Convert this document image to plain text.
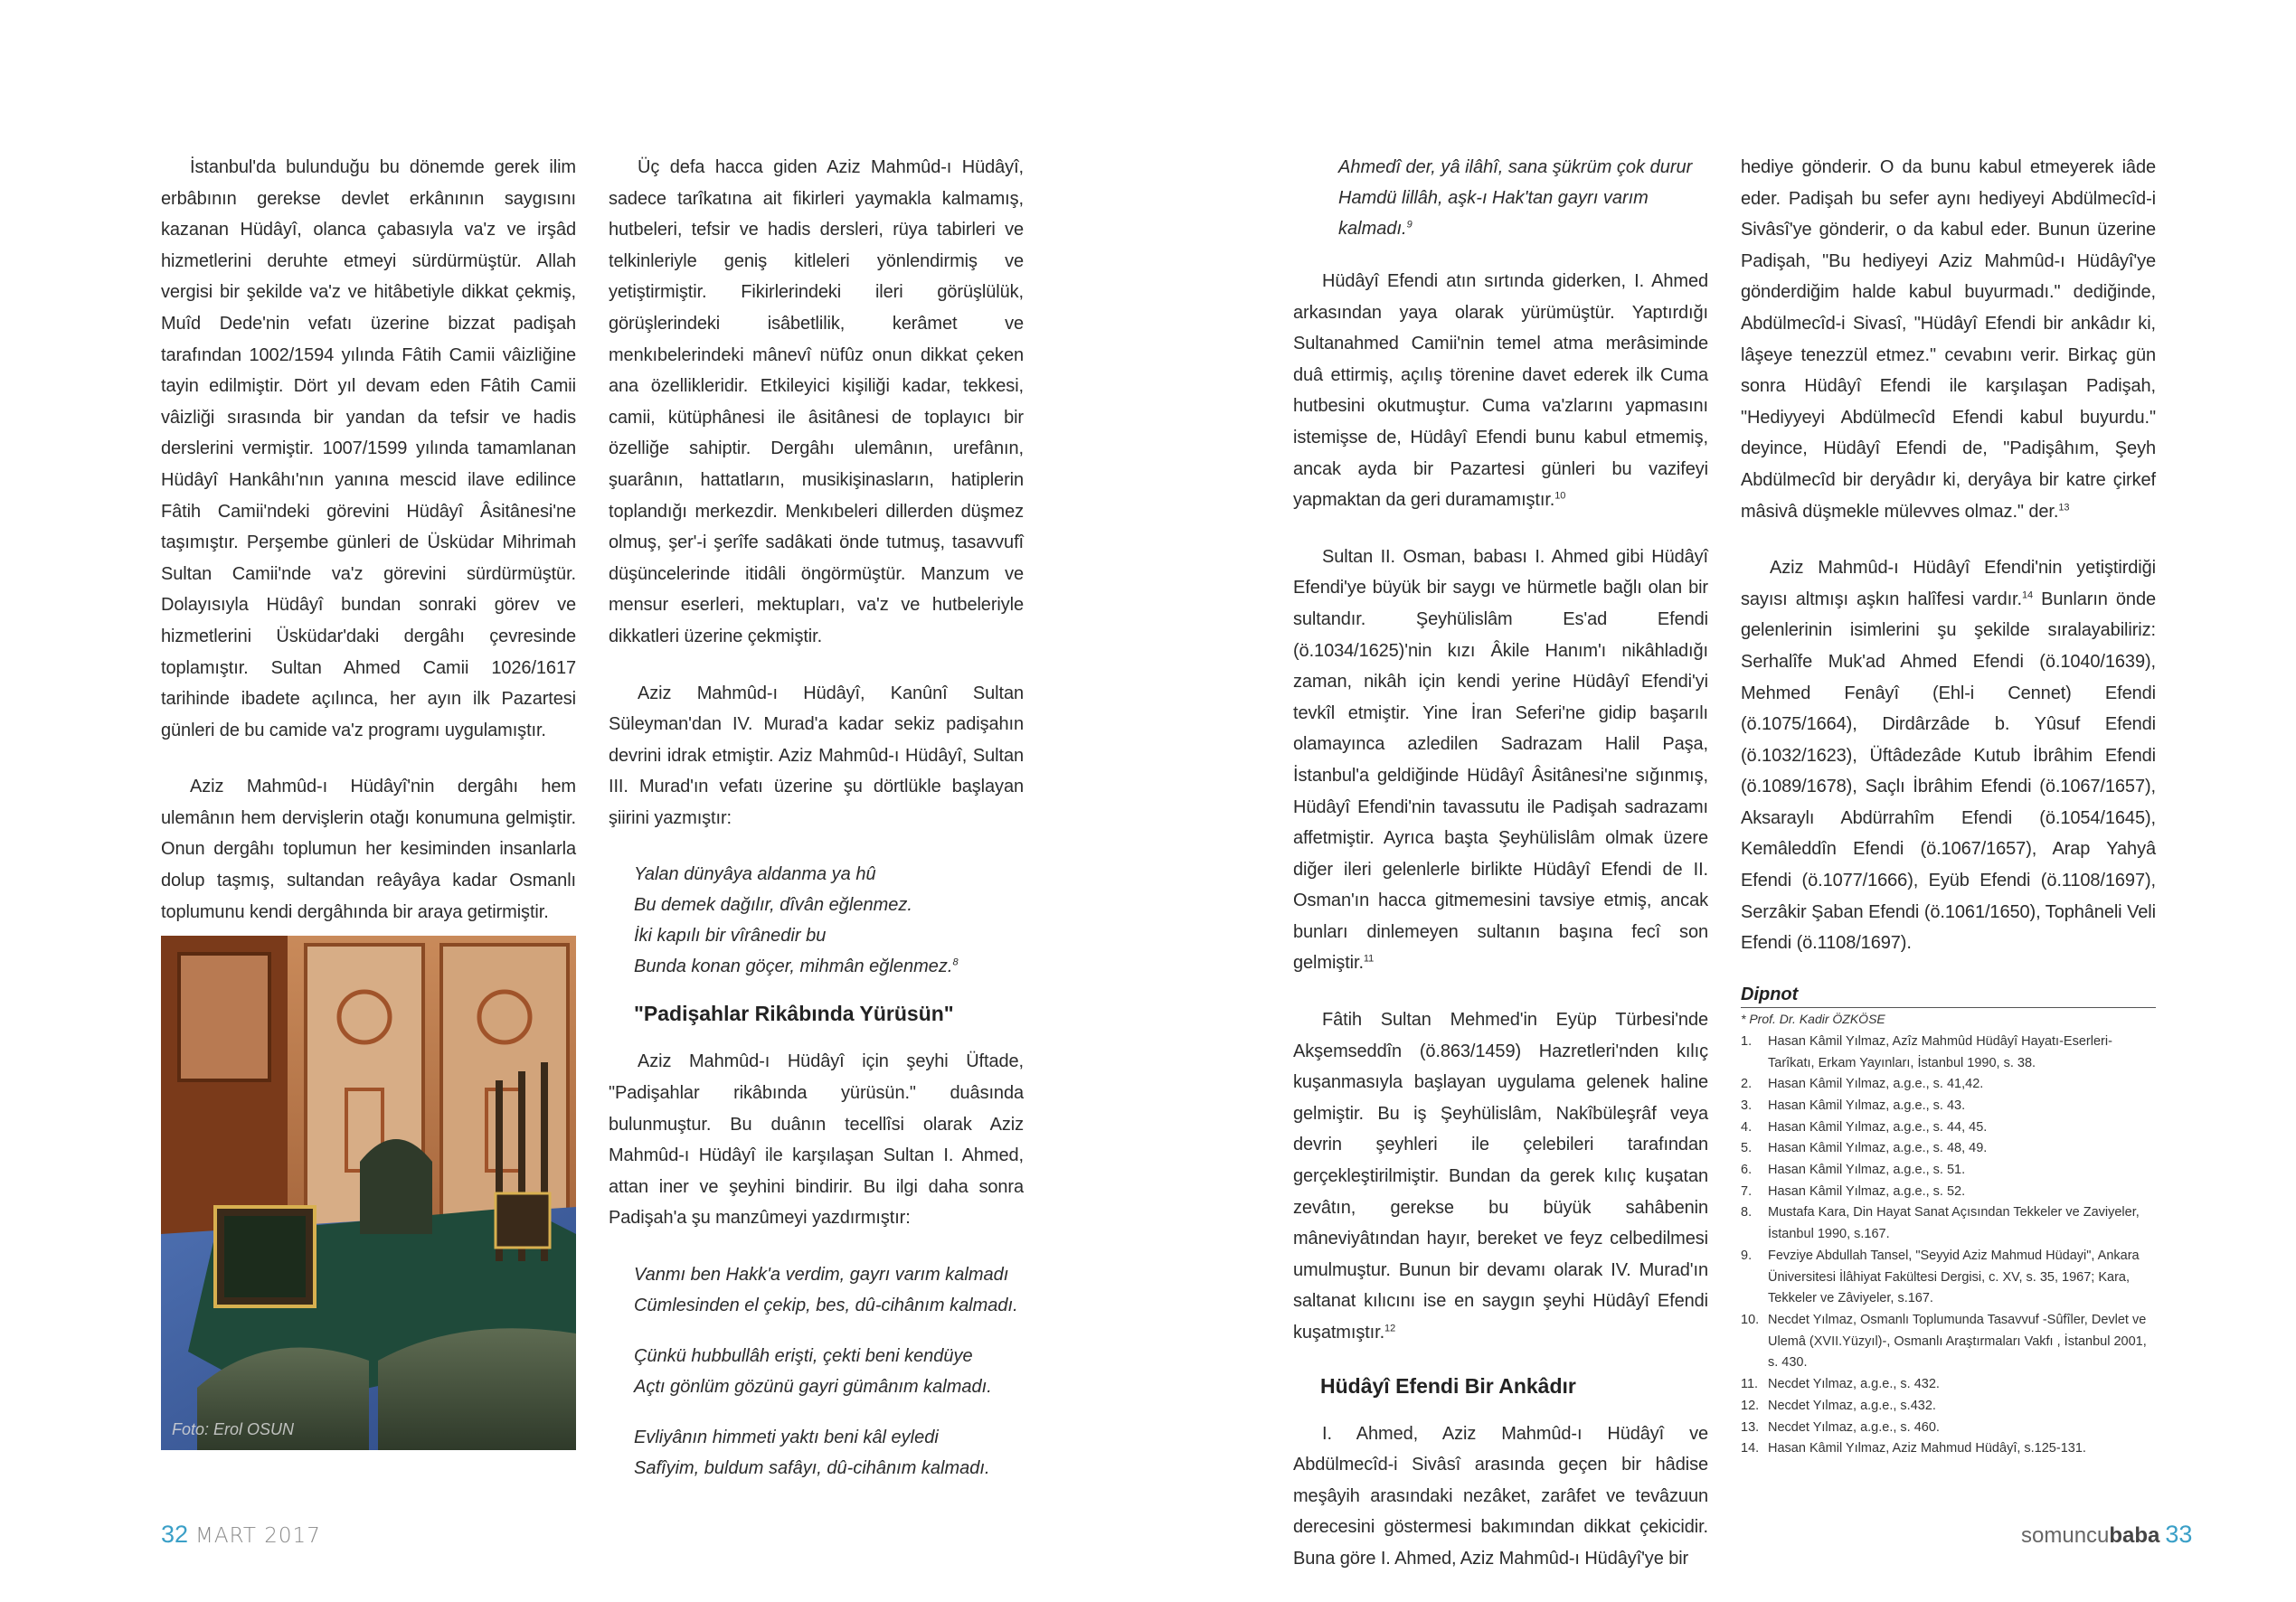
İstanbul'da bulunduğu bu dönemde gerek ilim erbâbının gerekse devlet erkânının saygısını kazanan Hüdâyî, olanca çabasıyla va'z ve irşâd hizmetlerini deruhte etmeyi sürdürmüştür. Allah vergisi bir şekilde va'z ve hitâbetiyle dikkat çekmiş, Muîd Dede'nin vefatı üzerine bizzat padişah tarafından 1002/1594 yılında Fâtih Camii vâizliğine tayin edilmiştir. Dört yıl devam eden Fâtih Camii vâizliği sırasında bir yandan da tefsir ve hadis derslerini vermiştir. 1007/1599 yılında tamamlanan Hüdâyî Hankâhı'nın yanına mescid ilave edilince Fâtih Camii'ndeki görevini Hüdâyî Âsitânesi'ne taşımıştır. Perşembe günleri de Üsküdar Mihrimah Sultan Camii'nde va'z görevini sürdürmüştür. Dolayısıyla Hüdâyî bundan sonraki görev ve hizmetlerini Üsküdar'daki dergâhı çevresinde toplamıştır. Sultan Ahmed Camii 1026/1617 tarihinde ibadete açılınca, her ayın ilk Pazartesi günleri de bu camide va'z programı uygulamıştır.

Aziz Mahmûd-ı Hüdâyî'nin dergâhı hem ulemânın hem dervişlerin otağı konumuna gelmiştir. Onun dergâhı toplumun her kesiminden insanlarla dolup taşmış, sultandan reâyâya kadar Osmanlı toplumunu kendi dergâhında bir araya getirmiştir.

Foto: Erol OSUN

Üç defa hacca giden Aziz Mahmûd-ı Hüdâyî, sadece tarîkatına ait fikirleri yaymakla kalmamış, hutbeleri, tefsir ve hadis dersleri, rüya tabirleri ve telkinleriyle geniş kitleleri yönlendirmiş ve yetiştirmiştir. Fikirlerindeki ileri görüşlülük, görüşlerindeki isâbetlilik, kerâmet ve menkıbelerindeki mânevî nüfûz onun dikkat çeken ana özellikleridir. Etkileyici kişiliği kadar, tekkesi, camii, kütüphânesi ile âsitânesi de toplayıcı bir özelliğe sahiptir. Dergâhı ulemânın, urefânın, şuarânın, hattatların, musikişinasların, hatiplerin toplandığı merkezdir. Menkıbeleri dillerden düşmez olmuş, şer'-i şerîfe sadâkati önde tutmuş, tasavvufî düşüncelerinde itidâli öngörmüştür. Manzum ve mensur eserleri, mektupları, va'z ve hutbeleriyle dikkatleri üzerine çekmiştir.

Aziz Mahmûd-ı Hüdâyî, Kanûnî Sultan Süleyman'dan IV. Murad'a kadar sekiz padişahın devrini idrak etmiştir. Aziz Mahmûd-ı Hüdâyî, Sultan III. Murad'ın vefatı üzerine şu dörtlükle başlayan şiirini yazmıştır:

Yalan dünyâya aldanma ya hû
Bu demek dağılır, dîvân eğlenmez.
İki kapılı bir vîrânedir bu
Bunda konan göçer, mihmân eğlenmez.$^8$
"Padişahlar Rikâbında Yürüsün"

Aziz Mahmûd-ı Hüdâyî için şeyhi Üftade, "Padişahlar rikâbında yürüsün." duâsında bulunmuştur. Bu duânın tecellîsi olarak Aziz Mahmûd-ı Hüdâyî ile karşılaşan Sultan I. Ahmed, attan iner ve şeyhini bindirir. Bu ilgi daha sonra Padişah'a şu manzûmeyi yazdırmıştır:

Vanmı ben Hakk'a verdim, gayrı varım kalmadı
Cümlesinden el çekip, bes, dû-cihânım kalmadı.
Çünkü hubbullâh erişti, çekti beni kendüye
Açtı gönlüm gözünü gayri gümânım kalmadı.
Evliyânın himmeti yaktı beni kâl eyledi
Safîyim, buldum safâyı, dû-cihânım kalmadı.
Ahmedî der, yâ ilâhî, sana şükrüm çok durur
Hamdü lillâh, aşk-ı Hak'tan gayrı varım kalmadı.$^9$

Hüdâyî Efendi atın sırtında giderken, I. Ahmed arkasından yaya olarak yürümüştür. Yaptırdığı Sultanahmed Camii'nin temel atma merâsiminde duâ ettirmiş, açılış törenine davet ederek ilk Cuma hutbesini okutmuştur. Cuma va'zlarını yapmasını istemişse de, Hüdâyî Efendi bunu kabul etmemiş, ancak ayda bir Pazartesi günleri bu vazifeyi yapmaktan da geri duramamıştır.$^{10}$

Sultan II. Osman, babası I. Ahmed gibi Hüdâyî Efendi'ye büyük bir saygı ve hürmetle bağlı olan bir sultandır. Şeyhülislâm Es'ad Efendi (ö.1034/1625)'nin kızı Âkile Hanım'ı nikâhladığı zaman, nikâh için kendi yerine Hüdâyî Efendi'yi tevkîl etmiştir. Yine İran Seferi'ne gidip başarılı olamayınca azledilen Sadrazam Halil Paşa, İstanbul'a geldiğinde Hüdâyî Âsitânesi'ne sığınmış, Hüdâyî Efendi'nin tavassutu ile Padişah sadrazamı affetmiştir. Ayrıca başta Şeyhülislâm olmak üzere diğer ileri gelenlerle birlikte Hüdâyî Efendi de II. Osman'ın hacca gitmemesini tavsiye etmiş, ancak bunları dinlemeyen sultanın başına fecî son gelmiştir.$^{11}$

Fâtih Sultan Mehmed'in Eyüp Türbesi'nde Akşemseddîn (ö.863/1459) Hazretleri'nden kılıç kuşanmasıyla başlayan uygulama gelenek haline gelmiştir. Bu iş Şeyhülislâm, Nakîbüleşrâf veya devrin şeyhleri ile çelebileri tarafından gerçekleştirilmiştir. Bundan da gerek kılıç kuşatan zevâtın, gerekse bu büyük sahâbenin mâneviyâtından hayır, bereket ve feyz celbedilmesi umulmuştur. Bunun bir devamı olarak IV. Murad'ın saltanat kılıcını ise en saygın şeyhi Hüdâyî Efendi kuşatmıştır.$^{12}$

Hüdâyî Efendi Bir Ankâdır

I. Ahmed, Aziz Mahmûd-ı Hüdâyî ve Abdülmecîd-i Sivâsî arasında geçen bir hâdise meşâyih arasındaki nezâket, zarâfet ve tevâzuun derecesini göstermesi bakımından dikkat çekicidir. Buna göre I. Ahmed, Aziz Mahmûd-ı Hüdâyî'ye bir

hediye gönderir. O da bunu kabul etmeyerek iâde eder. Padişah bu sefer aynı hediyeyi Abdülmecîd-i Sivâsî'ye gönderir, o da kabul eder. Bunun üzerine Padişah, "Bu hediyeyi Aziz Mahmûd-ı Hüdâyî'ye gönderdiğim halde kabul buyurmadı." dediğinde, Abdülmecîd-i Sivasî, "Hüdâyî Efendi bir ankâdır ki, lâşeye tenezzül etmez." cevabını verir. Birkaç gün sonra Hüdâyî Efendi ile karşılaşan Padişah, "Hediyyeyi Abdülmecîd Efendi kabul buyurdu." deyince, Hüdâyî Efendi de, "Padişâhım, Şeyh Abdülmecîd bir deryâdır ki, deryâya bir katre çirkef mâsivâ düşmekle mülevves olmaz." der.$^{13}$

Aziz Mahmûd-ı Hüdâyî Efendi'nin yetiştirdiği sayısı altmışı aşkın halîfesi vardır.$^{14}$ Bunların önde gelenlerinin isimlerini şu şekilde sıralayabiliriz: Serhalîfe Muk'ad Ahmed Efendi (ö.1040/1639), Mehmed Fenâyî (Ehl-i Cennet) Efendi (ö.1075/1664), Dirdârzâde b. Yûsuf Efendi (ö.1032/1623), Üftâdezâde Kutub İbrâhim Efendi (ö.1089/1678), Saçlı İbrâhim Efendi (ö.1067/1657), Aksaraylı Abdürrahîm Efendi (ö.1054/1645), Kemâleddîn Efendi (ö.1067/1657), Arap Yahyâ Efendi (ö.1077/1666), Eyüb Efendi (ö.1108/1697), Serzâkir Şaban Efendi (ö.1061/1650), Tophâneli Veli Efendi (ö.1108/1697).

Dipnot
* Prof. Dr. Kadir ÖZKÖSE
1. Hasan Kâmil Yılmaz, Azîz Mahmûd Hüdâyî Hayatı-Eserleri-Tarîkatı, Erkam Yayınları, İstanbul 1990, s. 38.
2. Hasan Kâmil Yılmaz, a.g.e., s. 41,42.
3. Hasan Kâmil Yılmaz, a.g.e., s. 43.
4. Hasan Kâmil Yılmaz, a.g.e., s. 44, 45.
5. Hasan Kâmil Yılmaz, a.g.e., s. 48, 49.
6. Hasan Kâmil Yılmaz, a.g.e., s. 51.
7. Hasan Kâmil Yılmaz, a.g.e., s. 52.
8. Mustafa Kara, Din Hayat Sanat Açısından Tekkeler ve Zaviyeler, İstanbul 1990, s.167.
9. Fevziye Abdullah Tansel, "Seyyid Aziz Mahmud Hüdayi", Ankara Üniversitesi İlâhiyat Fakültesi Dergisi, c. XV, s. 35, 1967; Kara, Tekkeler ve Zâviyeler, s.167.
10. Necdet Yılmaz, Osmanlı Toplumunda Tasavvuf -Sûfîler, Devlet ve Ulemâ (XVII.Yüzyıl)-, Osmanlı Araştırmaları Vakfı , İstanbul 2001, s. 430.
11. Necdet Yılmaz, a.g.e., s. 432.
12. Necdet Yılmaz, a.g.e., s.432.
13. Necdet Yılmaz, a.g.e., s. 460.
14. Hasan Kâmil Yılmaz, Aziz Mahmud Hüdâyî, s.125-131.
32 MART 2017	somuncubaba 33
